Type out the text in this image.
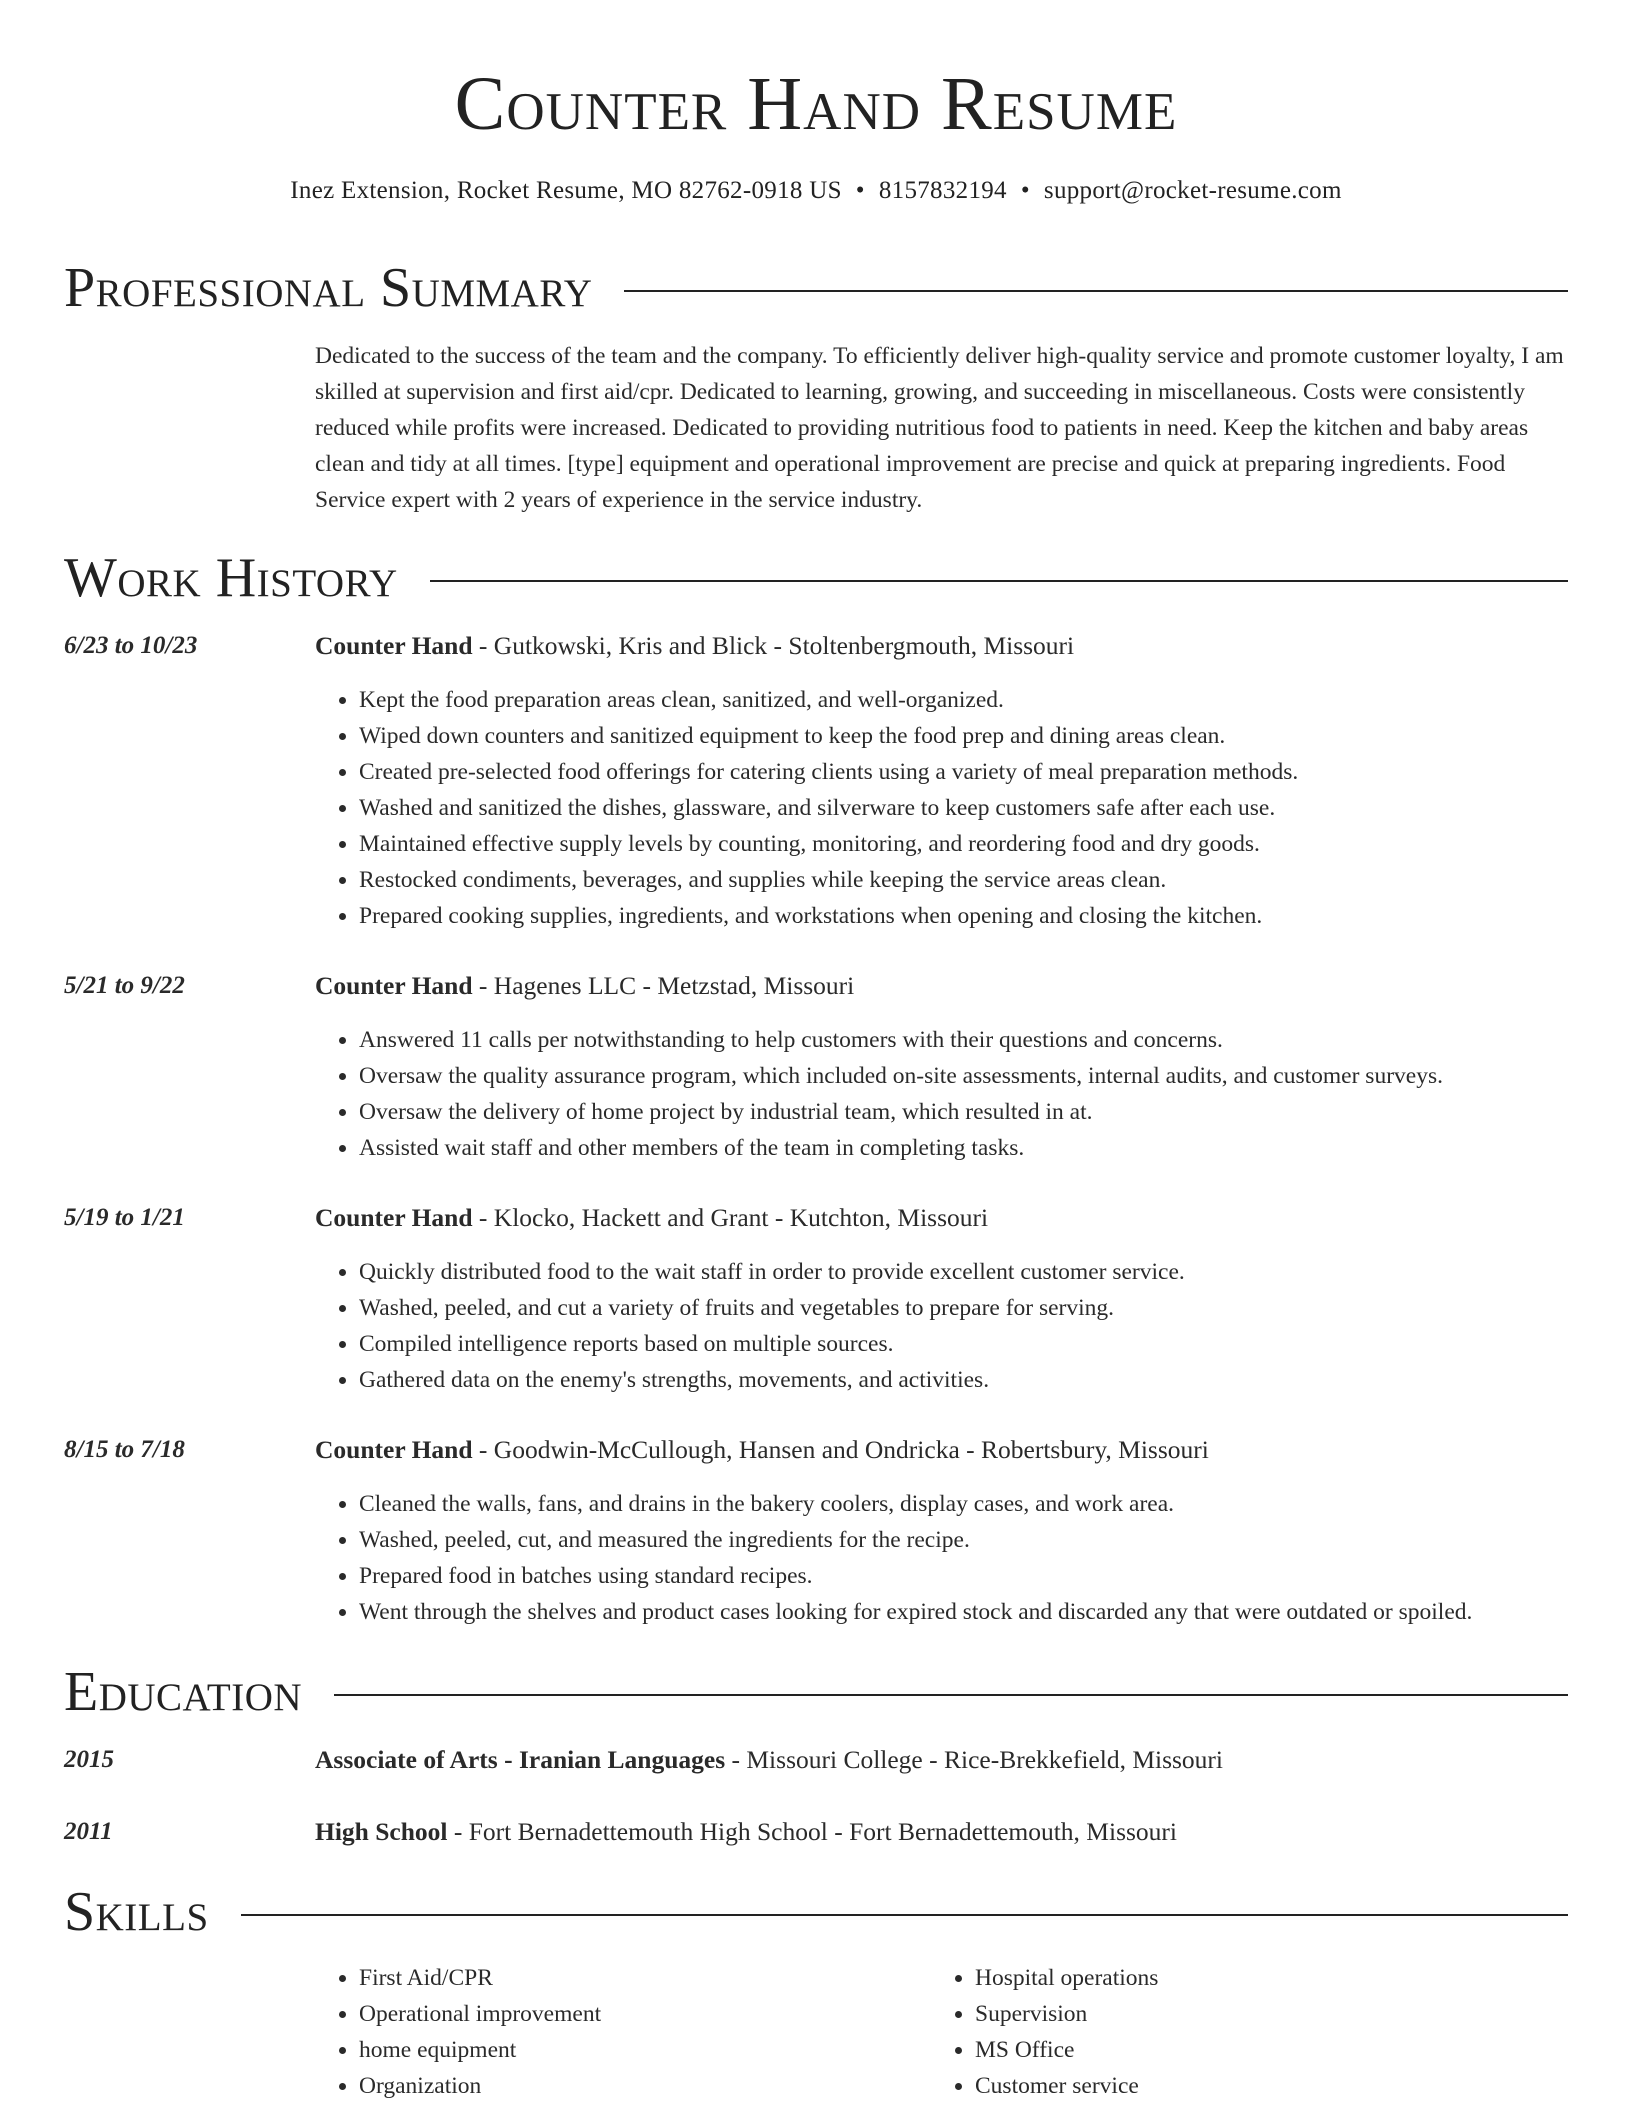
Counter Hand Resume
Inez Extension, Rocket Resume, MO 82762-0918 US • 8157832194 • support@rocket-resume.com
Professional Summary
Dedicated to the success of the team and the company. To efficiently deliver high-quality service and promote customer loyalty, I am skilled at supervision and first aid/cpr. Dedicated to learning, growing, and succeeding in miscellaneous. Costs were consistently reduced while profits were increased. Dedicated to providing nutritious food to patients in need. Keep the kitchen and baby areas clean and tidy at all times. [type] equipment and operational improvement are precise and quick at preparing ingredients. Food Service expert with 2 years of experience in the service industry.
Work History
6/23 to 10/23	Counter Hand - Gutkowski, Kris and Blick - Stoltenbergmouth, Missouri
• Kept the food preparation areas clean, sanitized, and well-organized.
• Wiped down counters and sanitized equipment to keep the food prep and dining areas clean.
• Created pre-selected food offerings for catering clients using a variety of meal preparation methods.
• Washed and sanitized the dishes, glassware, and silverware to keep customers safe after each use.
• Maintained effective supply levels by counting, monitoring, and reordering food and dry goods.
• Restocked condiments, beverages, and supplies while keeping the service areas clean.
• Prepared cooking supplies, ingredients, and workstations when opening and closing the kitchen.
5/21 to 9/22	Counter Hand - Hagenes LLC - Metzstad, Missouri
• Answered 11 calls per notwithstanding to help customers with their questions and concerns.
• Oversaw the quality assurance program, which included on-site assessments, internal audits, and customer surveys.
• Oversaw the delivery of home project by industrial team, which resulted in at.
• Assisted wait staff and other members of the team in completing tasks.
5/19 to 1/21	Counter Hand - Klocko, Hackett and Grant - Kutchton, Missouri
• Quickly distributed food to the wait staff in order to provide excellent customer service.
• Washed, peeled, and cut a variety of fruits and vegetables to prepare for serving.
• Compiled intelligence reports based on multiple sources.
• Gathered data on the enemy's strengths, movements, and activities.
8/15 to 7/18	Counter Hand - Goodwin-McCullough, Hansen and Ondricka - Robertsbury, Missouri
• Cleaned the walls, fans, and drains in the bakery coolers, display cases, and work area.
• Washed, peeled, cut, and measured the ingredients for the recipe.
• Prepared food in batches using standard recipes.
• Went through the shelves and product cases looking for expired stock and discarded any that were outdated or spoiled.
Education
2015	Associate of Arts - Iranian Languages - Missouri College - Rice-Brekkefield, Missouri
2011	High School - Fort Bernadettemouth High School - Fort Bernadettemouth, Missouri
Skills
• First Aid/CPR
• Operational improvement
• home equipment
• Organization
• Hospital operations
• Supervision
• MS Office
• Customer service
